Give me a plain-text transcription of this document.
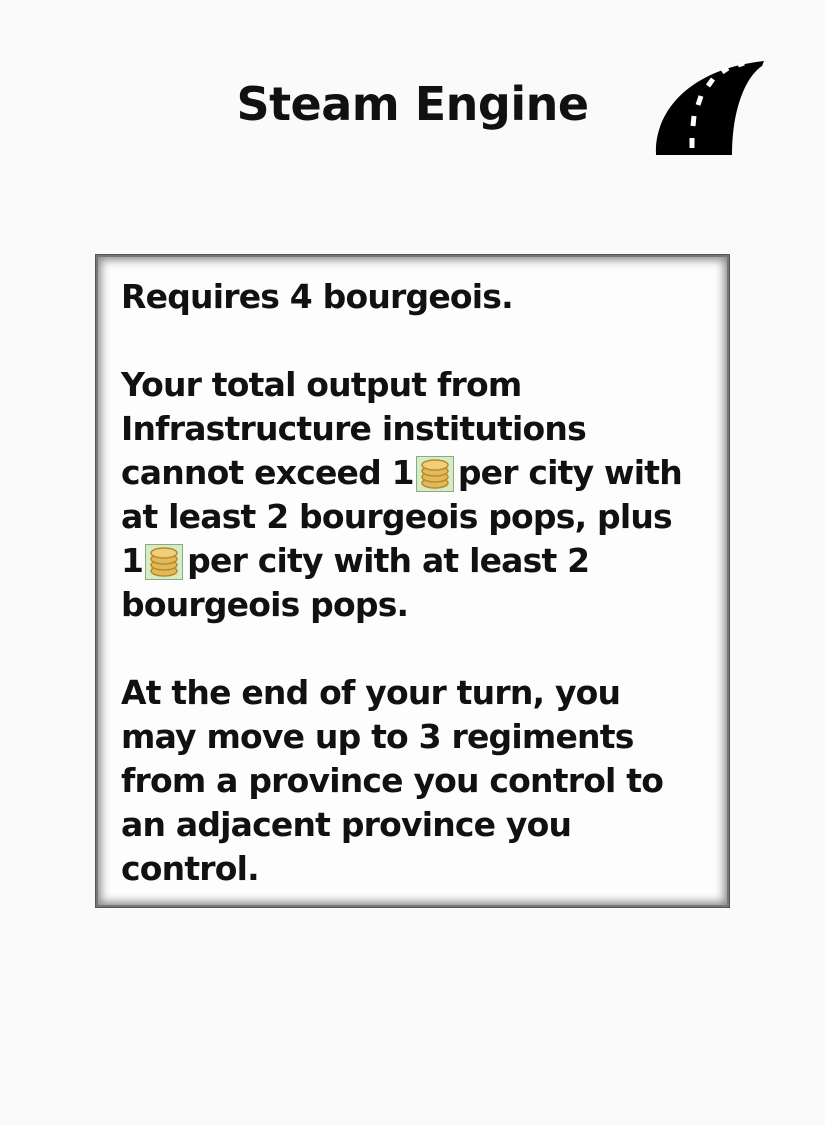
Steam Engine
Requires 4 bourgeois.
Your total output from
Infrastructure institutions
cannot exceed 1 per city with
at least 2 bourgeois pops, plus
1 per city with at least 2
bourgeois pops.
At the end of your turn, you
may move up to 3 regiments
from a province you control to
an adjacent province you
control.
